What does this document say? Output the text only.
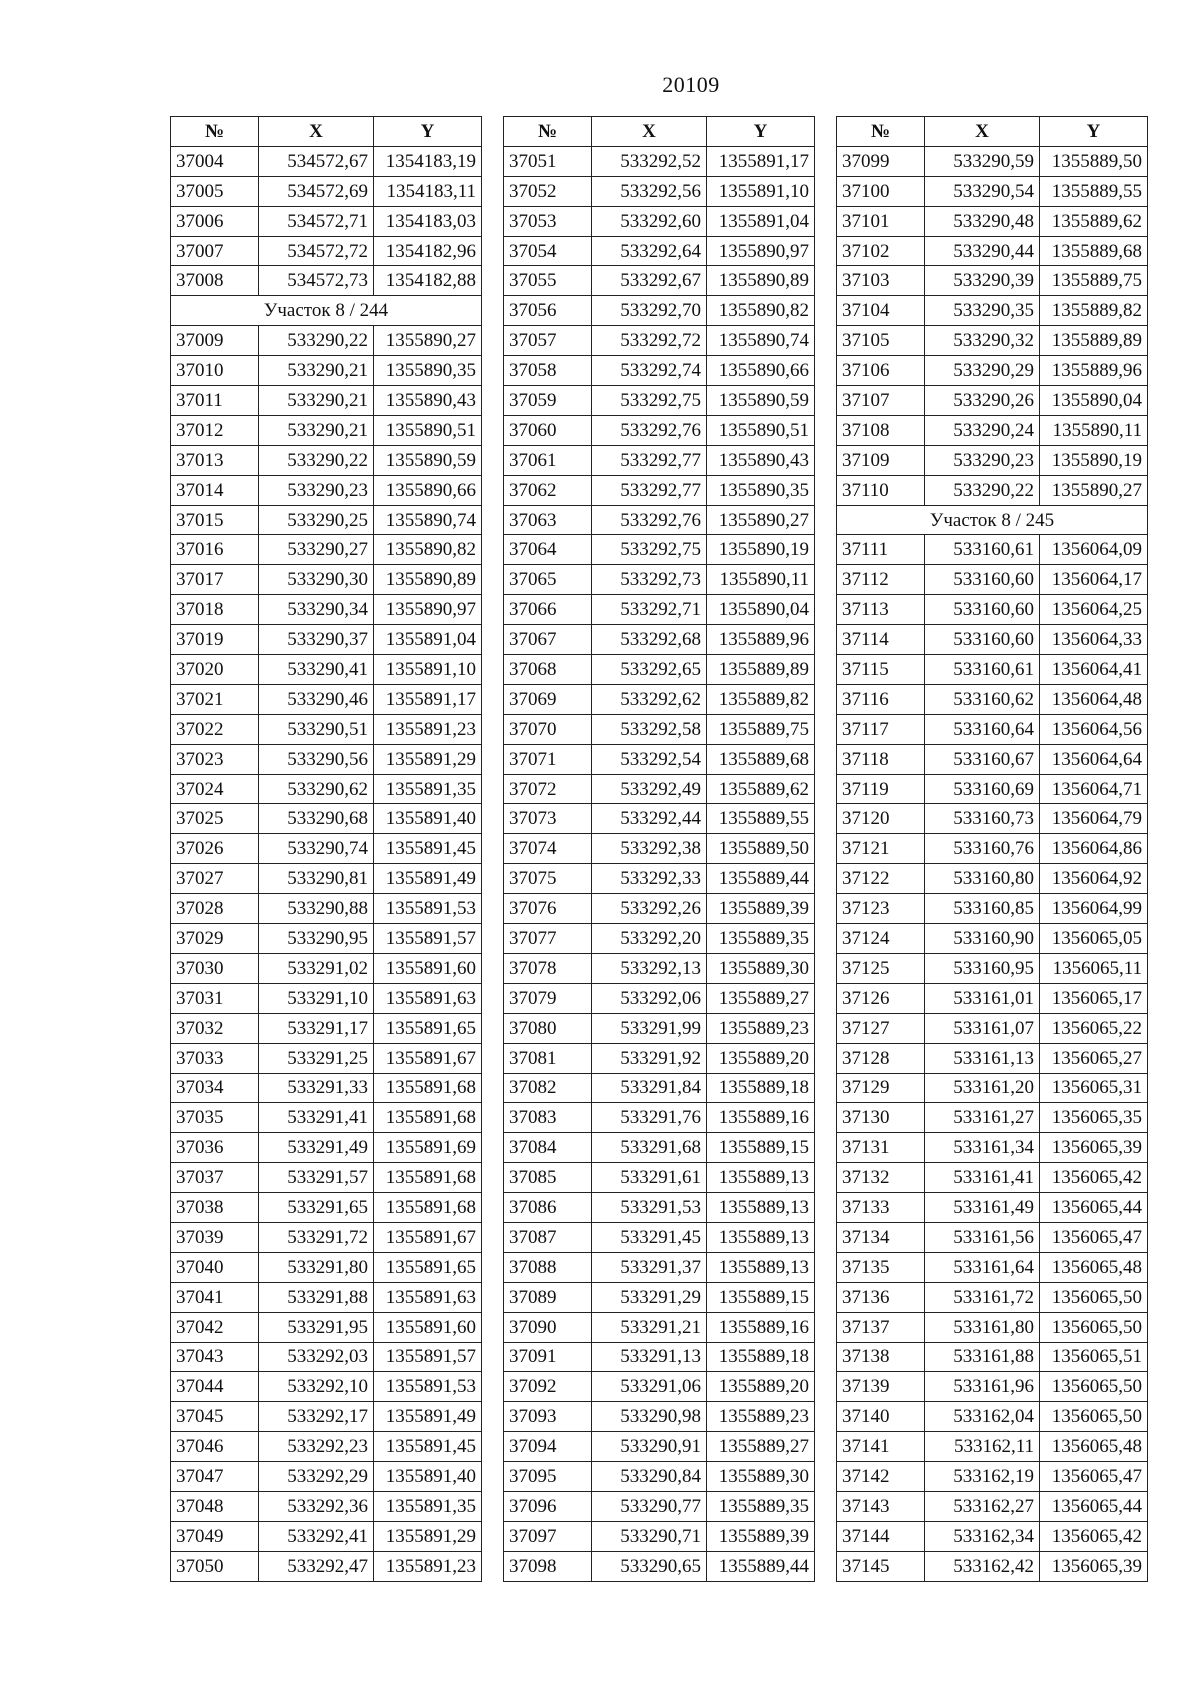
20109
№	X	Y
37004	534572,67	1354183,19
37005	534572,69	1354183,11
37006	534572,71	1354183,03
37007	534572,72	1354182,96
37008	534572,73	1354182,88
Участок 8 / 244		
37009	533290,22	1355890,27
37010	533290,21	1355890,35
37011	533290,21	1355890,43
37012	533290,21	1355890,51
37013	533290,22	1355890,59
37014	533290,23	1355890,66
37015	533290,25	1355890,74
37016	533290,27	1355890,82
37017	533290,30	1355890,89
37018	533290,34	1355890,97
37019	533290,37	1355891,04
37020	533290,41	1355891,10
37021	533290,46	1355891,17
37022	533290,51	1355891,23
37023	533290,56	1355891,29
37024	533290,62	1355891,35
37025	533290,68	1355891,40
37026	533290,74	1355891,45
37027	533290,81	1355891,49
37028	533290,88	1355891,53
37029	533290,95	1355891,57
37030	533291,02	1355891,60
37031	533291,10	1355891,63
37032	533291,17	1355891,65
37033	533291,25	1355891,67
37034	533291,33	1355891,68
37035	533291,41	1355891,68
37036	533291,49	1355891,69
37037	533291,57	1355891,68
37038	533291,65	1355891,68
37039	533291,72	1355891,67
37040	533291,80	1355891,65
37041	533291,88	1355891,63
37042	533291,95	1355891,60
37043	533292,03	1355891,57
37044	533292,10	1355891,53
37045	533292,17	1355891,49
37046	533292,23	1355891,45
37047	533292,29	1355891,40
37048	533292,36	1355891,35
37049	533292,41	1355891,29
37050	533292,47	1355891,23
№	X	Y
37051	533292,52	1355891,17
37052	533292,56	1355891,10
37053	533292,60	1355891,04
37054	533292,64	1355890,97
37055	533292,67	1355890,89
37056	533292,70	1355890,82
37057	533292,72	1355890,74
37058	533292,74	1355890,66
37059	533292,75	1355890,59
37060	533292,76	1355890,51
37061	533292,77	1355890,43
37062	533292,77	1355890,35
37063	533292,76	1355890,27
37064	533292,75	1355890,19
37065	533292,73	1355890,11
37066	533292,71	1355890,04
37067	533292,68	1355889,96
37068	533292,65	1355889,89
37069	533292,62	1355889,82
37070	533292,58	1355889,75
37071	533292,54	1355889,68
37072	533292,49	1355889,62
37073	533292,44	1355889,55
37074	533292,38	1355889,50
37075	533292,33	1355889,44
37076	533292,26	1355889,39
37077	533292,20	1355889,35
37078	533292,13	1355889,30
37079	533292,06	1355889,27
37080	533291,99	1355889,23
37081	533291,92	1355889,20
37082	533291,84	1355889,18
37083	533291,76	1355889,16
37084	533291,68	1355889,15
37085	533291,61	1355889,13
37086	533291,53	1355889,13
37087	533291,45	1355889,13
37088	533291,37	1355889,13
37089	533291,29	1355889,15
37090	533291,21	1355889,16
37091	533291,13	1355889,18
37092	533291,06	1355889,20
37093	533290,98	1355889,23
37094	533290,91	1355889,27
37095	533290,84	1355889,30
37096	533290,77	1355889,35
37097	533290,71	1355889,39
37098	533290,65	1355889,44
№	X	Y
37099	533290,59	1355889,50
37100	533290,54	1355889,55
37101	533290,48	1355889,62
37102	533290,44	1355889,68
37103	533290,39	1355889,75
37104	533290,35	1355889,82
37105	533290,32	1355889,89
37106	533290,29	1355889,96
37107	533290,26	1355890,04
37108	533290,24	1355890,11
37109	533290,23	1355890,19
37110	533290,22	1355890,27
Участок 8 / 245		
37111	533160,61	1356064,09
37112	533160,60	1356064,17
37113	533160,60	1356064,25
37114	533160,60	1356064,33
37115	533160,61	1356064,41
37116	533160,62	1356064,48
37117	533160,64	1356064,56
37118	533160,67	1356064,64
37119	533160,69	1356064,71
37120	533160,73	1356064,79
37121	533160,76	1356064,86
37122	533160,80	1356064,92
37123	533160,85	1356064,99
37124	533160,90	1356065,05
37125	533160,95	1356065,11
37126	533161,01	1356065,17
37127	533161,07	1356065,22
37128	533161,13	1356065,27
37129	533161,20	1356065,31
37130	533161,27	1356065,35
37131	533161,34	1356065,39
37132	533161,41	1356065,42
37133	533161,49	1356065,44
37134	533161,56	1356065,47
37135	533161,64	1356065,48
37136	533161,72	1356065,50
37137	533161,80	1356065,50
37138	533161,88	1356065,51
37139	533161,96	1356065,50
37140	533162,04	1356065,50
37141	533162,11	1356065,48
37142	533162,19	1356065,47
37143	533162,27	1356065,44
37144	533162,34	1356065,42
37145	533162,42	1356065,39
